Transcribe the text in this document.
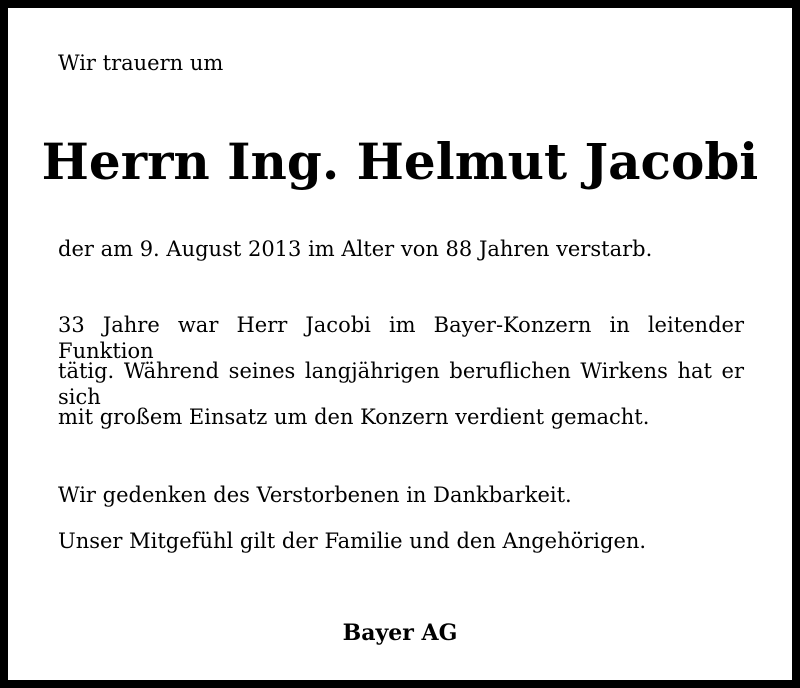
Wir trauern um
Herrn Ing. Helmut Jacobi
der am 9. August 2013 im Alter von 88 Jahren verstarb.
33 Jahre war Herr Jacobi im Bayer-Konzern in leitender Funktion
tätig. Während seines langjährigen beruflichen Wirkens hat er sich
mit großem Einsatz um den Konzern verdient gemacht.
Wir gedenken des Verstorbenen in Dankbarkeit.
Unser Mitgefühl gilt der Familie und den Angehörigen.
Bayer AG
